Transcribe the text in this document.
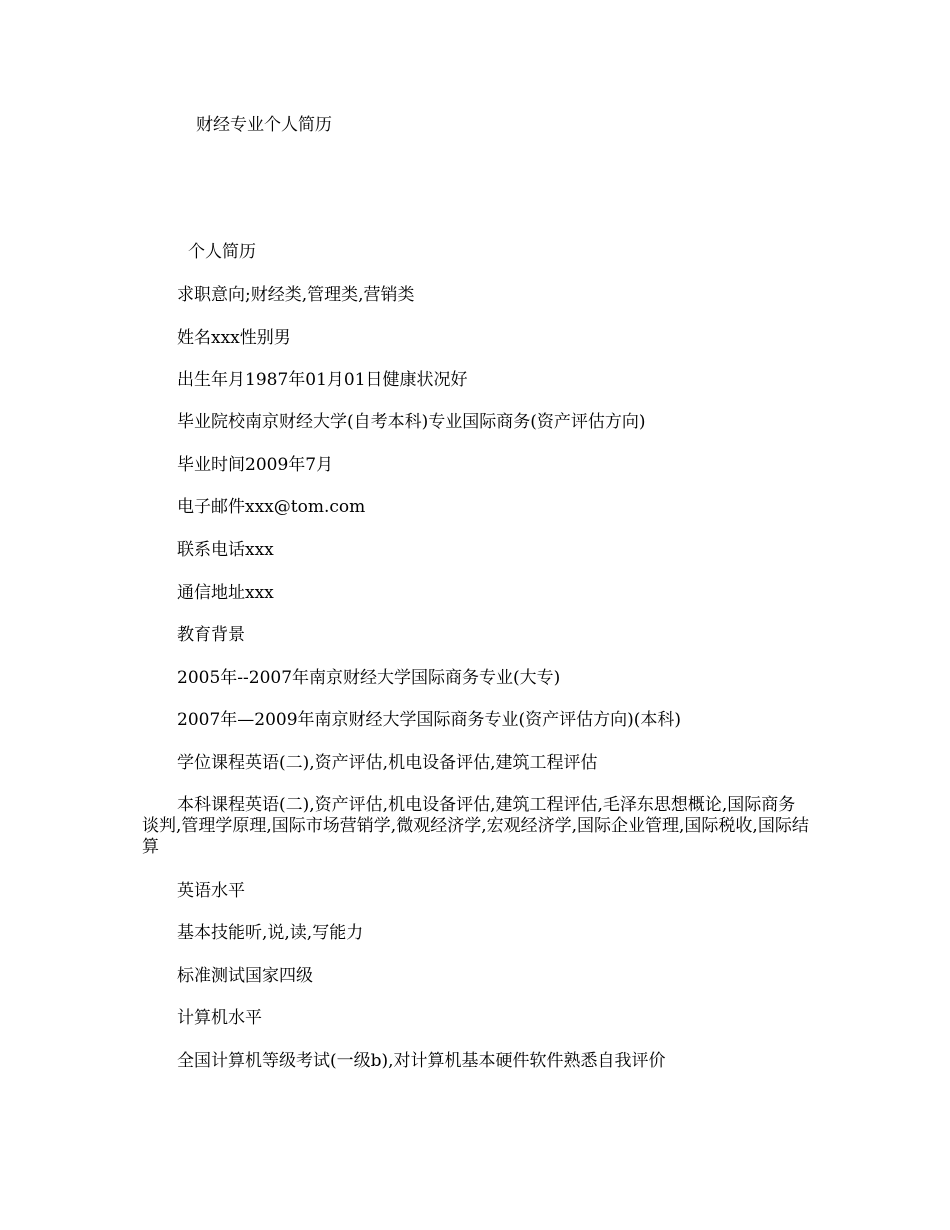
财经专业个人简历
个人简历
求职意向;财经类,管理类,营销类
姓名xxx性别男
出生年月1987年01月01日健康状况好
毕业院校南京财经大学(自考本科)专业国际商务(资产评估方向)
毕业时间2009年7月
电子邮件xxx@tom.com
联系电话xxx
通信地址xxx
教育背景
2005年--2007年南京财经大学国际商务专业(大专)
2007年—2009年南京财经大学国际商务专业(资产评估方向)(本科)
学位课程英语(二),资产评估,机电设备评估,建筑工程评估
本科课程英语(二),资产评估,机电设备评估,建筑工程评估,毛泽东思想概论,国际商务谈判,管理学原理,国际市场营销学,微观经济学,宏观经济学,国际企业管理,国际税收,国际结算
英语水平
基本技能听,说,读,写能力
标准测试国家四级
计算机水平
全国计算机等级考试(一级b),对计算机基本硬件软件熟悉自我评价
